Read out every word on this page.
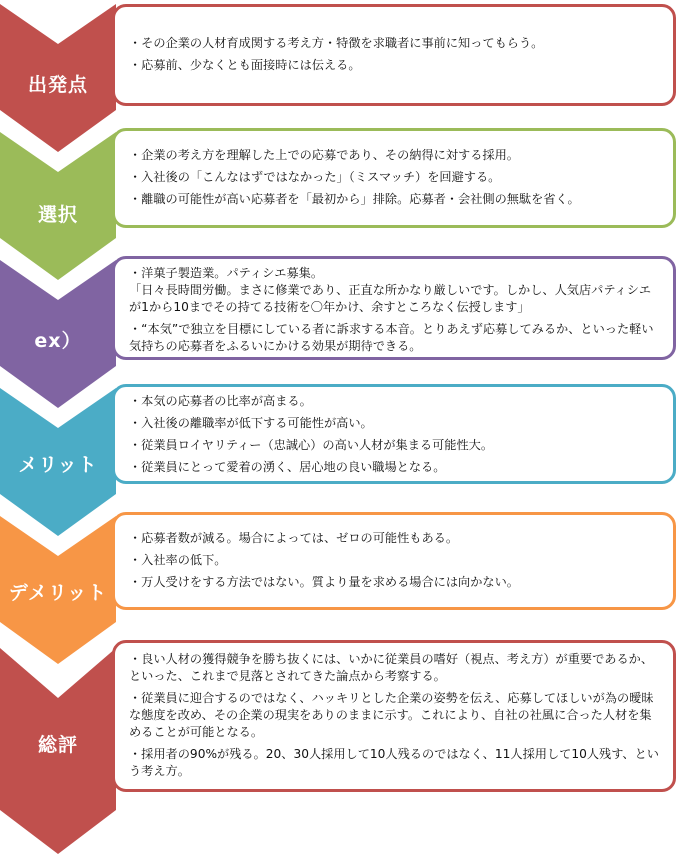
出発点
・その企業の人材育成関する考え方・特徴を求職者に事前に知ってもらう。
・応募前、少なくとも面接時には伝える。
選択
・企業の考え方を理解した上での応募であり、その納得に対する採用。
・入社後の「こんなはずではなかった」（ミスマッチ）を回避する。
・離職の可能性が高い応募者を「最初から」排除。応募者・会社側の無駄を省く。
ex）
・洋菓子製造業。パティシエ募集。
「日々長時間労働。まさに修業であり、正直な所かなり厳しいです。しかし、人気店パティシエが1から10までその持てる技術を〇年かけ、余すところなく伝授します」
・“本気”で独立を目標にしている者に訴求する本音。とりあえず応募してみるか、といった軽い気持ちの応募者をふるいにかける効果が期待できる。
メリット
・本気の応募者の比率が高まる。
・入社後の離職率が低下する可能性が高い。
・従業員ロイヤリティー（忠誠心）の高い人材が集まる可能性大。
・従業員にとって愛着の湧く、居心地の良い職場となる。
デメリット
・応募者数が減る。場合によっては、ゼロの可能性もある。
・入社率の低下。
・万人受けをする方法ではない。質より量を求める場合には向かない。
総評
・良い人材の獲得競争を勝ち抜くには、いかに従業員の嗜好（視点、考え方）が重要であるか、といった、これまで見落とされてきた論点から考察する。
・従業員に迎合するのではなく、ハッキリとした企業の姿勢を伝え、応募してほしいが為の曖昧な態度を改め、その企業の現実をありのままに示す。これにより、自社の社風に合った人材を集めることが可能となる。
・採用者の90%が残る。20、30人採用して10人残るのではなく、11人採用して10人残す、という考え方。
